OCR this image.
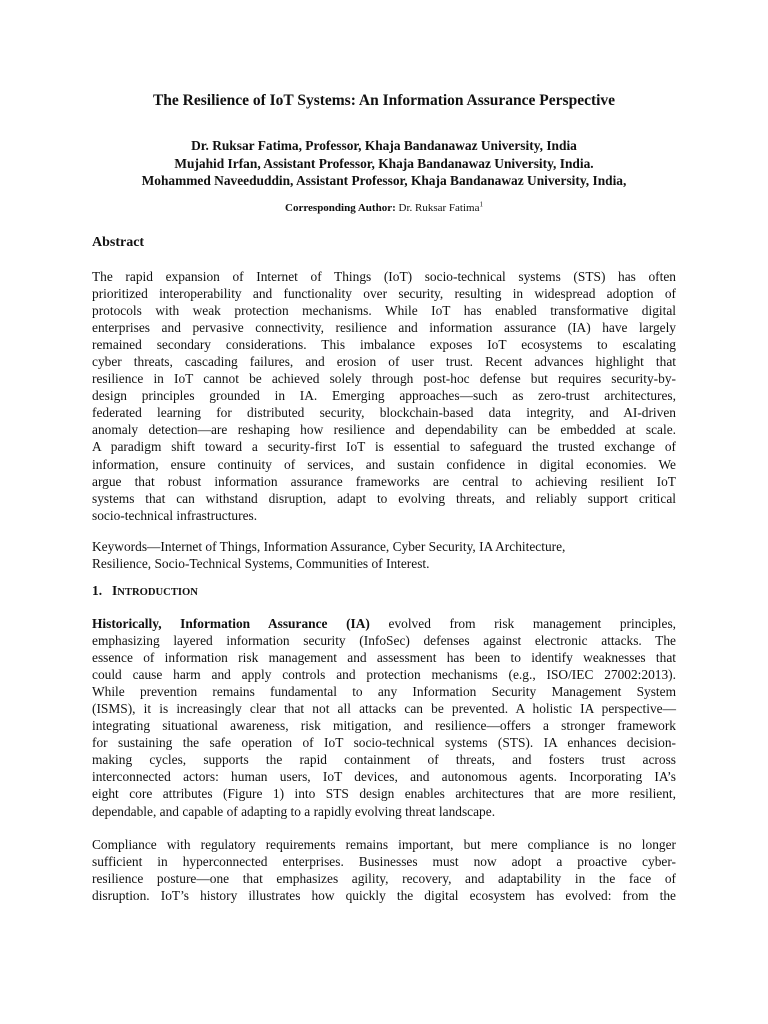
The Resilience of IoT Systems: An Information Assurance Perspective
Dr. Ruksar Fatima, Professor, Khaja Bandanawaz University, India
Mujahid Irfan, Assistant Professor, Khaja Bandanawaz University, India.
Mohammed Naveeduddin, Assistant Professor, Khaja Bandanawaz University, India,
Corresponding Author: Dr. Ruksar Fatima$^1$
Abstract
The rapid expansion of Internet of Things (IoT) socio-technical systems (STS) has often
prioritized interoperability and functionality over security, resulting in widespread adoption of
protocols with weak protection mechanisms. While IoT has enabled transformative digital
enterprises and pervasive connectivity, resilience and information assurance (IA) have largely
remained secondary considerations. This imbalance exposes IoT ecosystems to escalating
cyber threats, cascading failures, and erosion of user trust. Recent advances highlight that
resilience in IoT cannot be achieved solely through post-hoc defense but requires security-by-
design principles grounded in IA. Emerging approaches—such as zero-trust architectures,
federated learning for distributed security, blockchain-based data integrity, and AI-driven
anomaly detection—are reshaping how resilience and dependability can be embedded at scale.
A paradigm shift toward a security-first IoT is essential to safeguard the trusted exchange of
information, ensure continuity of services, and sustain confidence in digital economies. We
argue that robust information assurance frameworks are central to achieving resilient IoT
systems that can withstand disruption, adapt to evolving threats, and reliably support critical
socio-technical infrastructures.
Keywords—Internet of Things, Information Assurance, Cyber Security, IA Architecture,
Resilience, Socio-Technical Systems, Communities of Interest.
1. INTRODUCTION
Historically, Information Assurance (IA) evolved from risk management principles,
emphasizing layered information security (InfoSec) defenses against electronic attacks. The
essence of information risk management and assessment has been to identify weaknesses that
could cause harm and apply controls and protection mechanisms (e.g., ISO/IEC 27002:2013).
While prevention remains fundamental to any Information Security Management System
(ISMS), it is increasingly clear that not all attacks can be prevented. A holistic IA perspective—
integrating situational awareness, risk mitigation, and resilience—offers a stronger framework
for sustaining the safe operation of IoT socio-technical systems (STS). IA enhances decision-
making cycles, supports the rapid containment of threats, and fosters trust across
interconnected actors: human users, IoT devices, and autonomous agents. Incorporating IA’s
eight core attributes (Figure 1) into STS design enables architectures that are more resilient,
dependable, and capable of adapting to a rapidly evolving threat landscape.
Compliance with regulatory requirements remains important, but mere compliance is no longer
sufficient in hyperconnected enterprises. Businesses must now adopt a proactive cyber-
resilience posture—one that emphasizes agility, recovery, and adaptability in the face of
disruption. IoT’s history illustrates how quickly the digital ecosystem has evolved: from the
